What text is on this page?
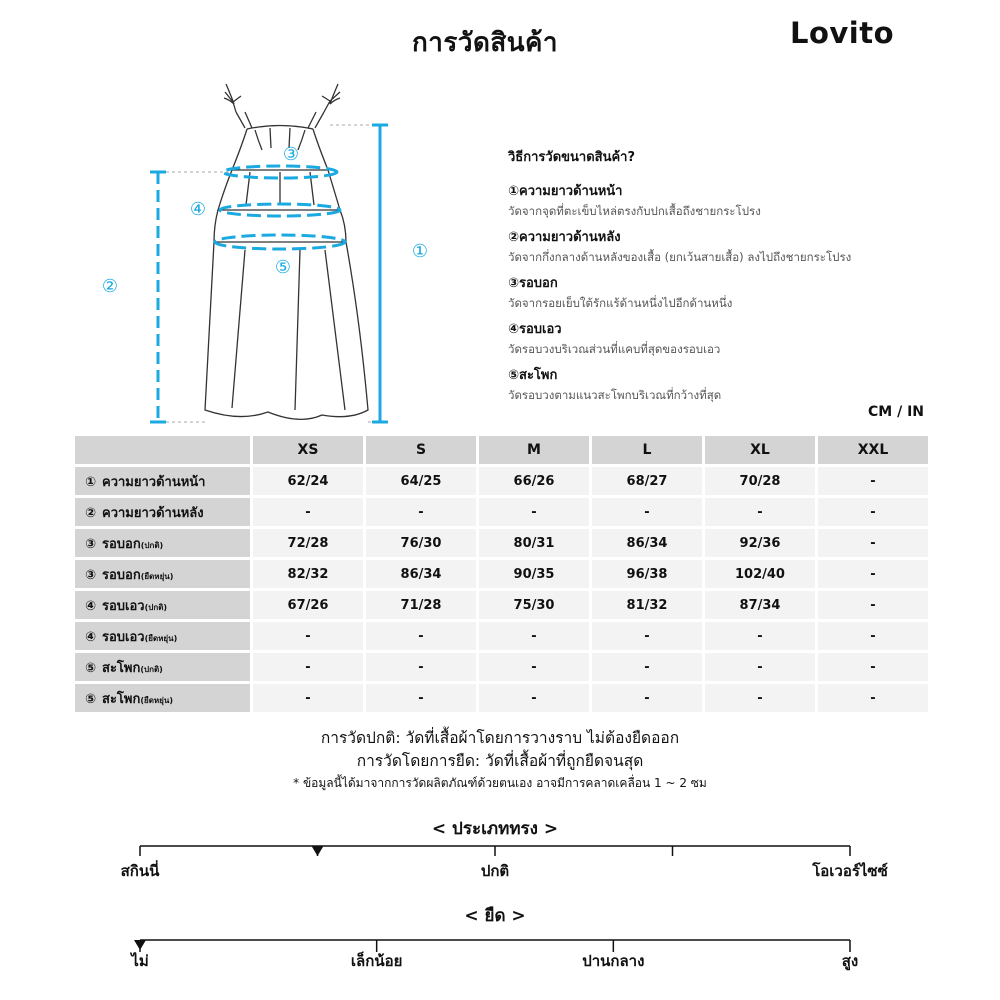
การวัดสินค้า	Lovito
①
②
③
④
⑤
วิธีการวัดขนาดสินค้า?
①ความยาวด้านหน้า
วัดจากจุดที่ตะเข็บไหล่ตรงกับปกเสื้อถึงชายกระโปรง
②ความยาวด้านหลัง
วัดจากกึ่งกลางด้านหลังของเสื้อ (ยกเว้นสายเสื้อ) ลงไปถึงชายกระโปรง
③รอบอก
วัดจากรอยเย็บใต้รักแร้ด้านหนึ่งไปอีกด้านหนึ่ง
④รอบเอว
วัดรอบวงบริเวณส่วนที่แคบที่สุดของรอบเอว
⑤สะโพก
วัดรอบวงตามแนวสะโพกบริเวณที่กว้างที่สุด
CM / IN
	XS	S	M	L	XL	XXL
① ความยาวด้านหน้า	62/24	64/25	66/26	68/27	70/28	-
② ความยาวด้านหลัง	-	-	-	-	-	-
③ รอบอก(ปกติ)	72/28	76/30	80/31	86/34	92/36	-
③ รอบอก(ยืดหยุ่น)	82/32	86/34	90/35	96/38	102/40	-
④ รอบเอว(ปกติ)	67/26	71/28	75/30	81/32	87/34	-
④ รอบเอว(ยืดหยุ่น)	-	-	-	-	-	-
⑤ สะโพก(ปกติ)	-	-	-	-	-	-
⑤ สะโพก(ยืดหยุ่น)	-	-	-	-	-	-
การวัดปกติ: วัดที่เสื้อผ้าโดยการวางราบ ไม่ต้องยืดออก
การวัดโดยการยืด: วัดที่เสื้อผ้าที่ถูกยืดจนสุด
* ข้อมูลนี้ได้มาจากการวัดผลิตภัณฑ์ด้วยตนเอง อาจมีการคลาดเคลื่อน 1 ~ 2 ซม
< ประเภททรง >
สกินนี่	ปกติ	โอเวอร์ไซซ์
< ยืด >
ไม่	เล็กน้อย	ปานกลาง	สูง
